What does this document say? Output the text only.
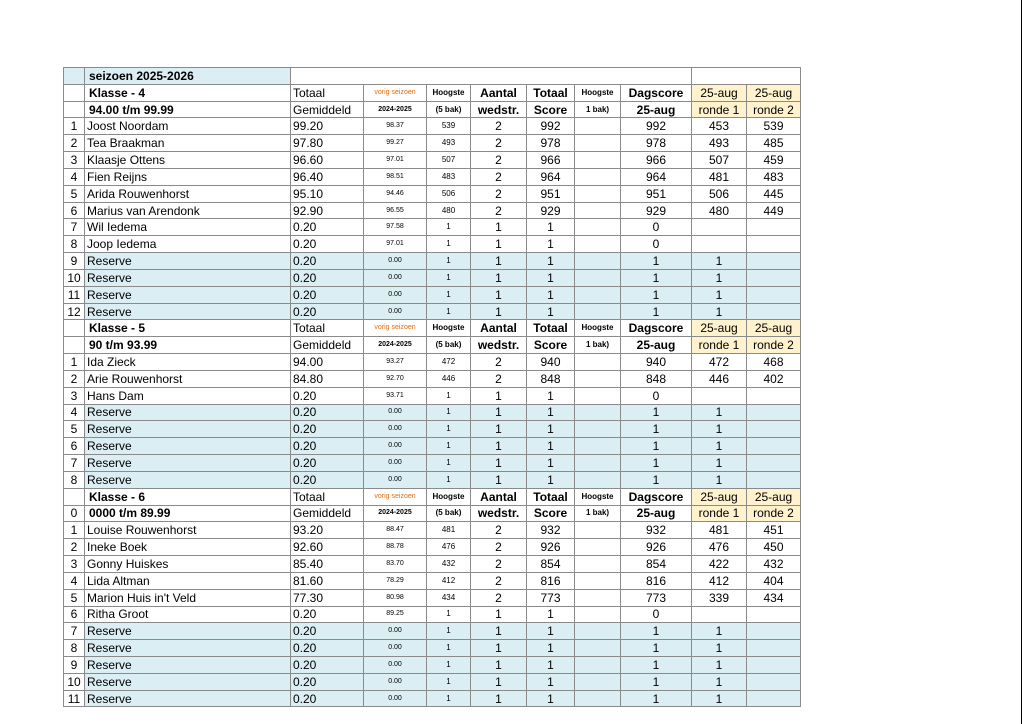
	seizoen 2025-2026									
	Klasse - 4	Totaal	vorig seizoen	Hoogste	Aantal	Totaal	Hoogste	Dagscore	25-aug	25-aug
	94.00 t/m 99.99	Gemiddeld	2024-2025	(5 bak)	wedstr.	Score	1 bak)	25-aug	ronde 1	ronde 2
1	Joost Noordam	99.20	98.37	539	2	992		992	453	539
2	Tea Braakman	97.80	99.27	493	2	978		978	493	485
3	Klaasje Ottens	96.60	97.01	507	2	966		966	507	459
4	Fien Reijns	96.40	98.51	483	2	964		964	481	483
5	Arida Rouwenhorst	95.10	94.46	506	2	951		951	506	445
6	Marius van Arendonk	92.90	96.55	480	2	929		929	480	449
7	Wil Iedema	0.20	97.58	1	1	1		0		
8	Joop Iedema	0.20	97.01	1	1	1		0		
9	Reserve	0.20	0.00	1	1	1		1	1	
10	Reserve	0.20	0.00	1	1	1		1	1	
11	Reserve	0.20	0.00	1	1	1		1	1	
12	Reserve	0.20	0.00	1	1	1		1	1	
	Klasse - 5	Totaal	vorig seizoen	Hoogste	Aantal	Totaal	Hoogste	Dagscore	25-aug	25-aug
	90 t/m 93.99	Gemiddeld	2024-2025	(5 bak)	wedstr.	Score	1 bak)	25-aug	ronde 1	ronde 2
1	Ida Zieck	94.00	93.27	472	2	940		940	472	468
2	Arie Rouwenhorst	84.80	92.70	446	2	848		848	446	402
3	Hans Dam	0.20	93.71	1	1	1		0		
4	Reserve	0.20	0.00	1	1	1		1	1	
5	Reserve	0.20	0.00	1	1	1		1	1	
6	Reserve	0.20	0.00	1	1	1		1	1	
7	Reserve	0.20	0.00	1	1	1		1	1	
8	Reserve	0.20	0.00	1	1	1		1	1	
	Klasse - 6	Totaal	vorig seizoen	Hoogste	Aantal	Totaal	Hoogste	Dagscore	25-aug	25-aug
0	0000 t/m 89.99	Gemiddeld	2024-2025	(5 bak)	wedstr.	Score	1 bak)	25-aug	ronde 1	ronde 2
1	Louise Rouwenhorst	93.20	88.47	481	2	932		932	481	451
2	Ineke Boek	92.60	88.78	476	2	926		926	476	450
3	Gonny Huiskes	85.40	83.70	432	2	854		854	422	432
4	Lida Altman	81.60	78.29	412	2	816		816	412	404
5	Marion Huis in't Veld	77.30	80.98	434	2	773		773	339	434
6	Ritha Groot	0.20	89.25	1	1	1		0		
7	Reserve	0.20	0.00	1	1	1		1	1	
8	Reserve	0.20	0.00	1	1	1		1	1	
9	Reserve	0.20	0.00	1	1	1		1	1	
10	Reserve	0.20	0.00	1	1	1		1	1	
11	Reserve	0.20	0.00	1	1	1		1	1	
